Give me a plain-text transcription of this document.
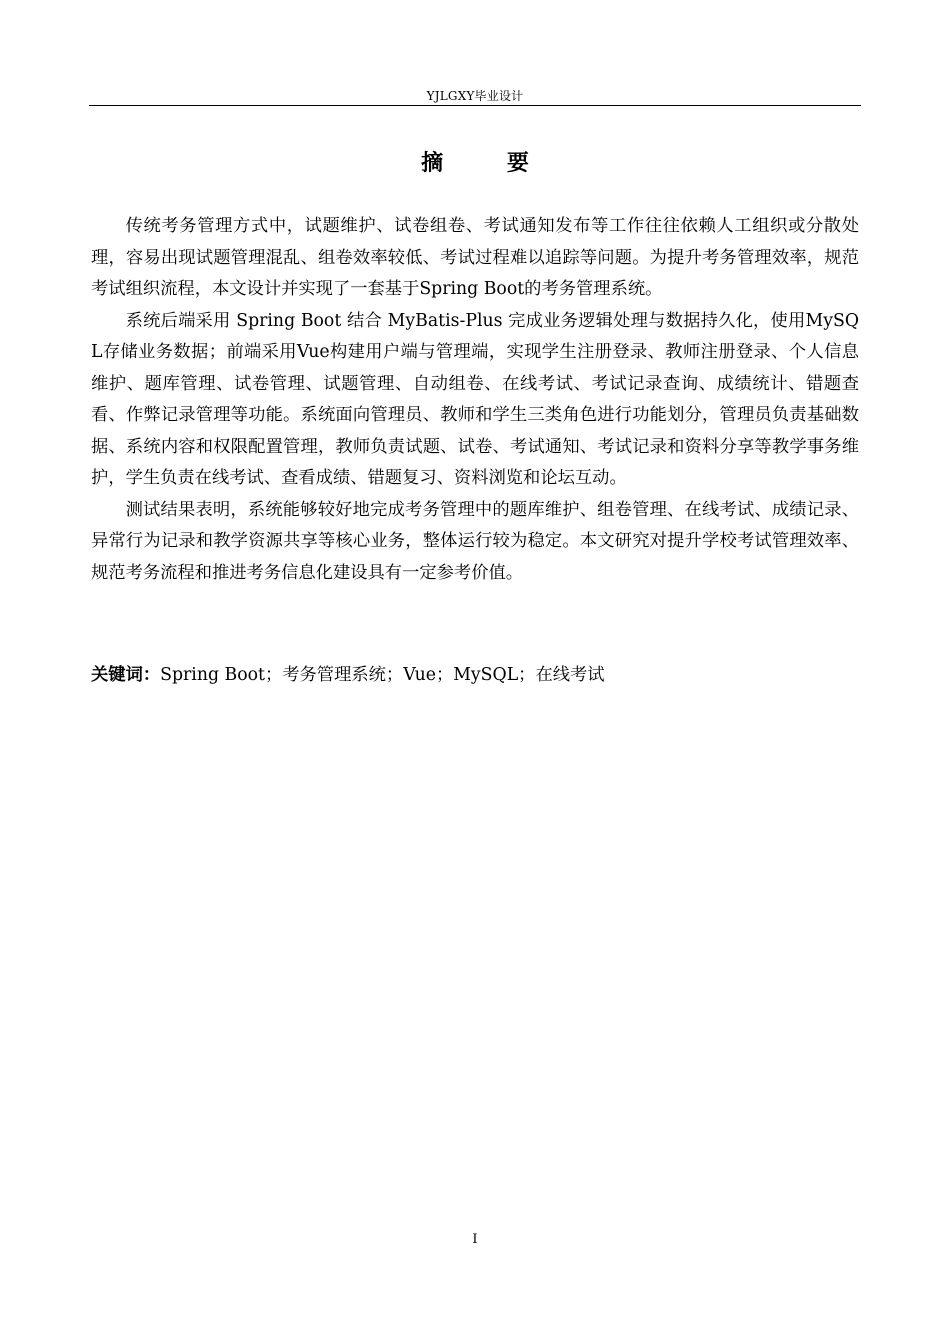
YJLGXY毕业设计
摘 要

传统考务管理方式中，试题维护、试卷组卷、考试通知发布等工作往往依赖人工组织或分散处理，容易出现试题管理混乱、组卷效率较低、考试过程难以追踪等问题。为提升考务管理效率，规范考试组织流程，本文设计并实现了一套基于Spring Boot的考务管理系统。

系统后端采用 Spring Boot 结合 MyBatis-Plus 完成业务逻辑处理与数据持久化，使用MySQL存储业务数据；前端采用Vue构建用户端与管理端，实现学生注册登录、教师注册登录、个人信息维护、题库管理、试卷管理、试题管理、自动组卷、在线考试、考试记录查询、成绩统计、错题查看、作弊记录管理等功能。系统面向管理员、教师和学生三类角色进行功能划分，管理员负责基础数据、系统内容和权限配置管理，教师负责试题、试卷、考试通知、考试记录和资料分享等教学事务维护，学生负责在线考试、查看成绩、错题复习、资料浏览和论坛互动。

测试结果表明，系统能够较好地完成考务管理中的题库维护、组卷管理、在线考试、成绩记录、异常行为记录和教学资源共享等核心业务，整体运行较为稳定。本文研究对提升学校考试管理效率、规范考务流程和推进考务信息化建设具有一定参考价值。

关键词：Spring Boot；考务管理系统；Vue；MySQL；在线考试
I
